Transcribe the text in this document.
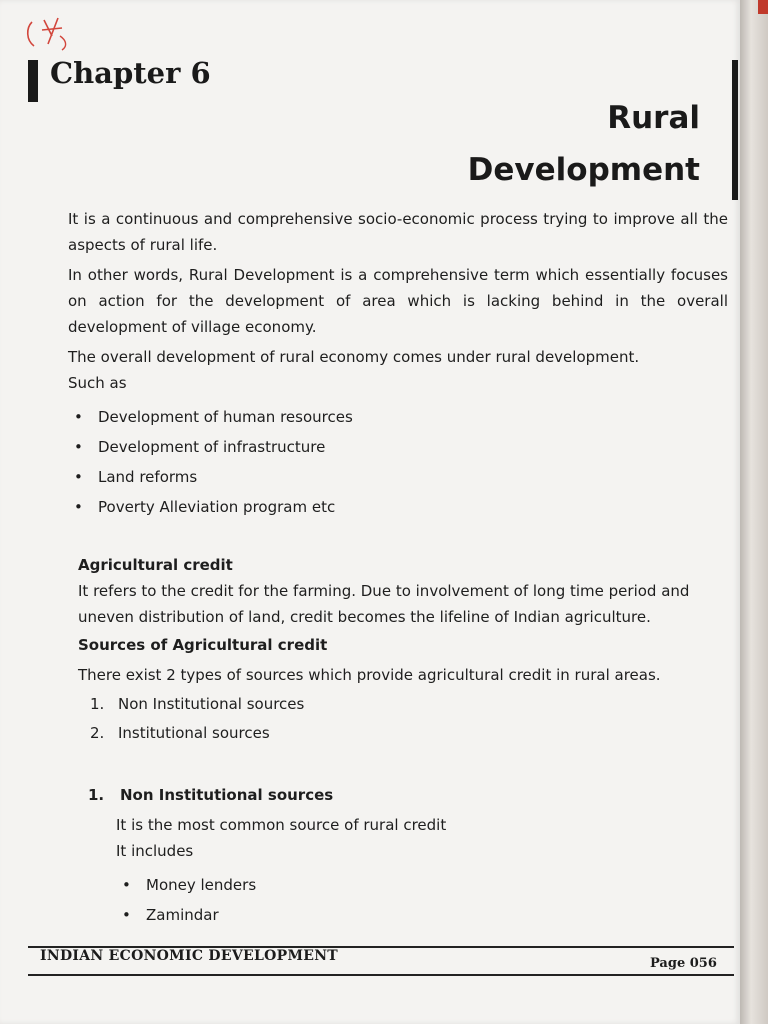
Chapter 6
Rural
Development

It is a continuous and comprehensive socio-economic process trying to improve all the aspects of rural life.

In other words, Rural Development is a comprehensive term which essentially focuses on action for the development of area which is lacking behind in the overall development of village economy.

The overall development of rural economy comes under rural development.

Such as

• Development of human resources
• Development of infrastructure
• Land reforms
• Poverty Alleviation program etc
Agricultural credit

It refers to the credit for the farming. Due to involvement of long time period and uneven distribution of land, credit becomes the lifeline of Indian agriculture.

Sources of Agricultural credit

There exist 2 types of sources which provide agricultural credit in rural areas.

1. Non Institutional sources
2. Institutional sources
1. Non Institutional sources

It is the most common source of rural credit

It includes

• Money lenders
• Zamindar
INDIAN ECONOMIC DEVELOPMENT	Page 056
